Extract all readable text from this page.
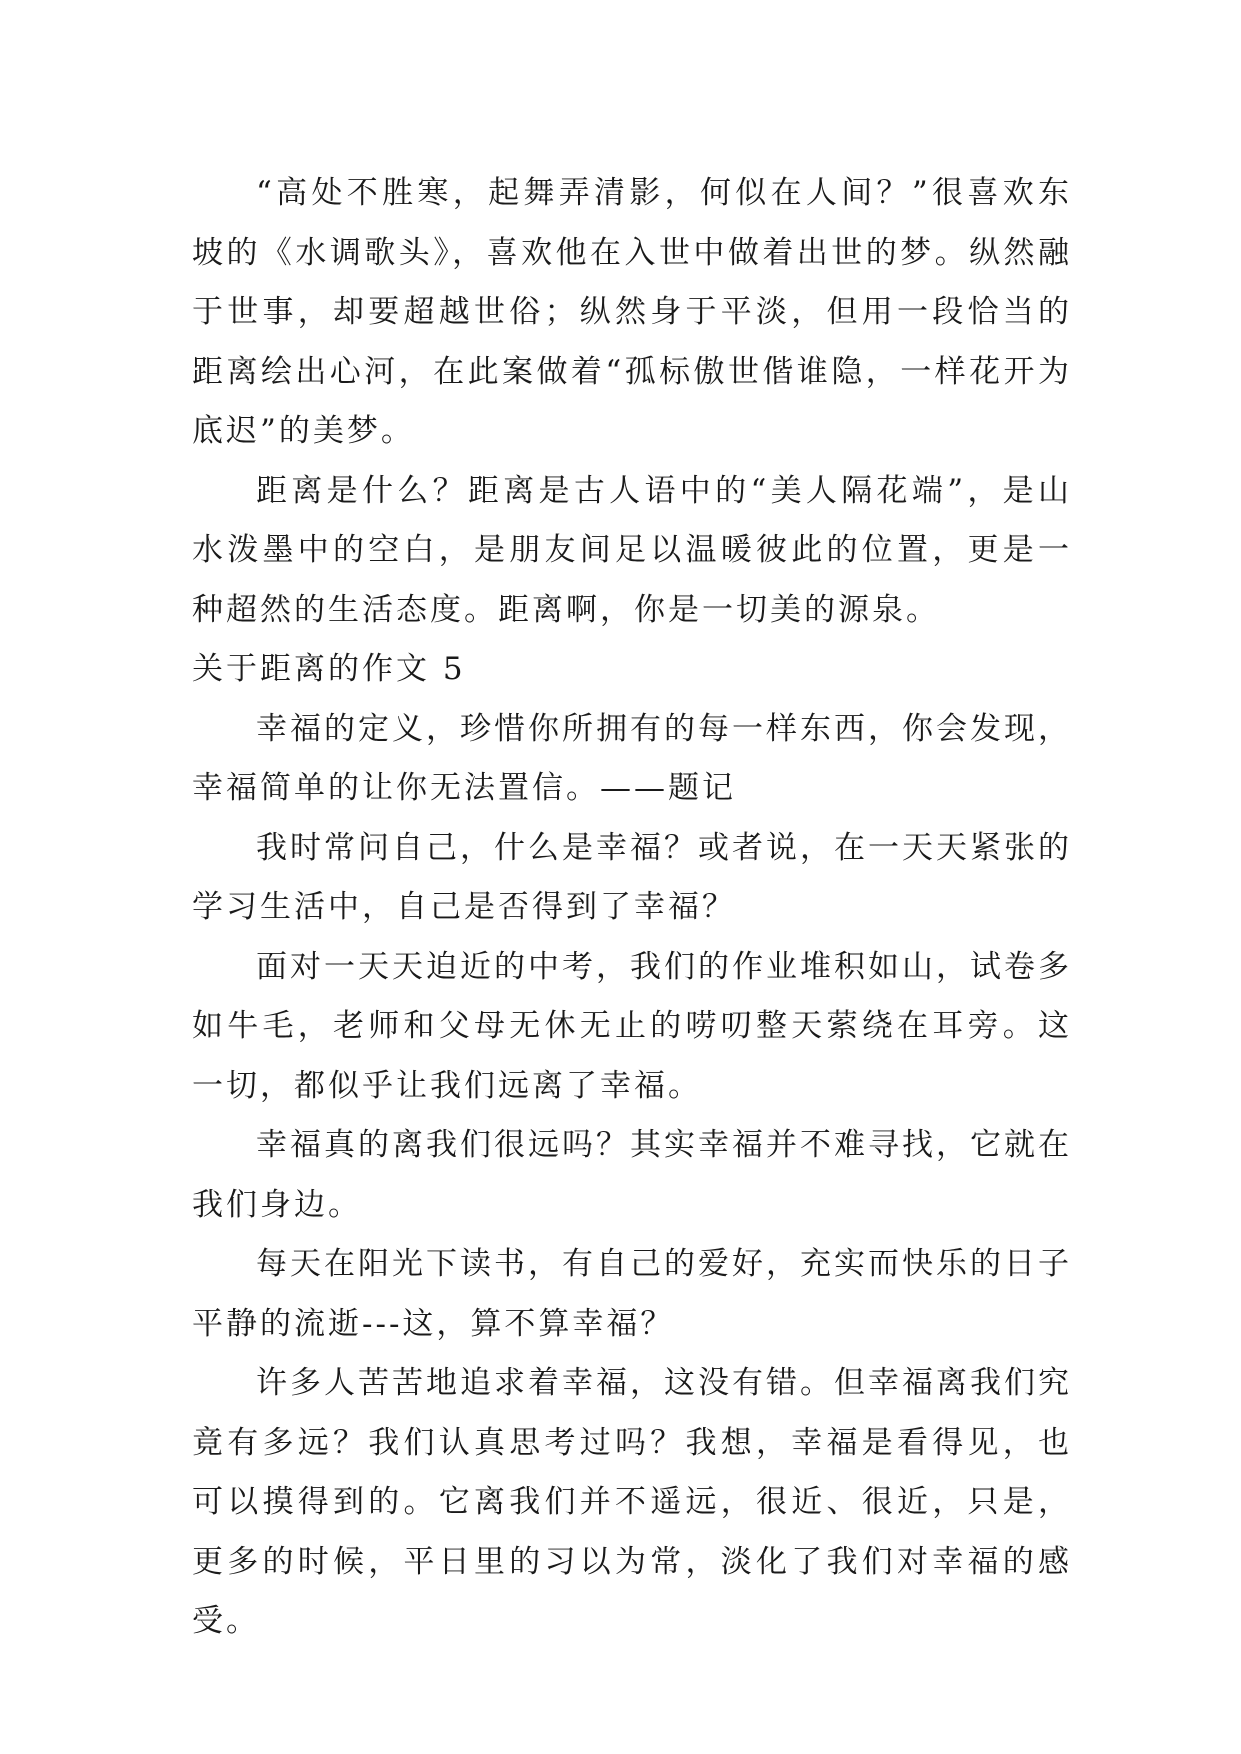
“高处不胜寒，起舞弄清影，何似在人间？”很喜欢东坡的《水调歌头》，喜欢他在入世中做着出世的梦。纵然融于世事，却要超越世俗；纵然身于平淡，但用一段恰当的距离绘出心河，在此案做着“孤标傲世偕谁隐，一样花开为底迟”的美梦。

距离是什么？距离是古人语中的“美人隔花端”，是山水泼墨中的空白，是朋友间足以温暖彼此的位置，更是一种超然的生活态度。距离啊，你是一切美的源泉。

关于距离的作文 5

幸福的定义，珍惜你所拥有的每一样东西，你会发现，幸福简单的让你无法置信。——题记

我时常问自己，什么是幸福？或者说，在一天天紧张的学习生活中，自己是否得到了幸福？

面对一天天迫近的中考，我们的作业堆积如山，试卷多如牛毛，老师和父母无休无止的唠叨整天萦绕在耳旁。这一切，都似乎让我们远离了幸福。

幸福真的离我们很远吗？其实幸福并不难寻找，它就在我们身边。

每天在阳光下读书，有自己的爱好，充实而快乐的日子平静的流逝---这，算不算幸福？

许多人苦苦地追求着幸福，这没有错。但幸福离我们究竟有多远？我们认真思考过吗？我想，幸福是看得见，也可以摸得到的。它离我们并不遥远，很近、很近，只是，更多的时候，平日里的习以为常，淡化了我们对幸福的感受。
